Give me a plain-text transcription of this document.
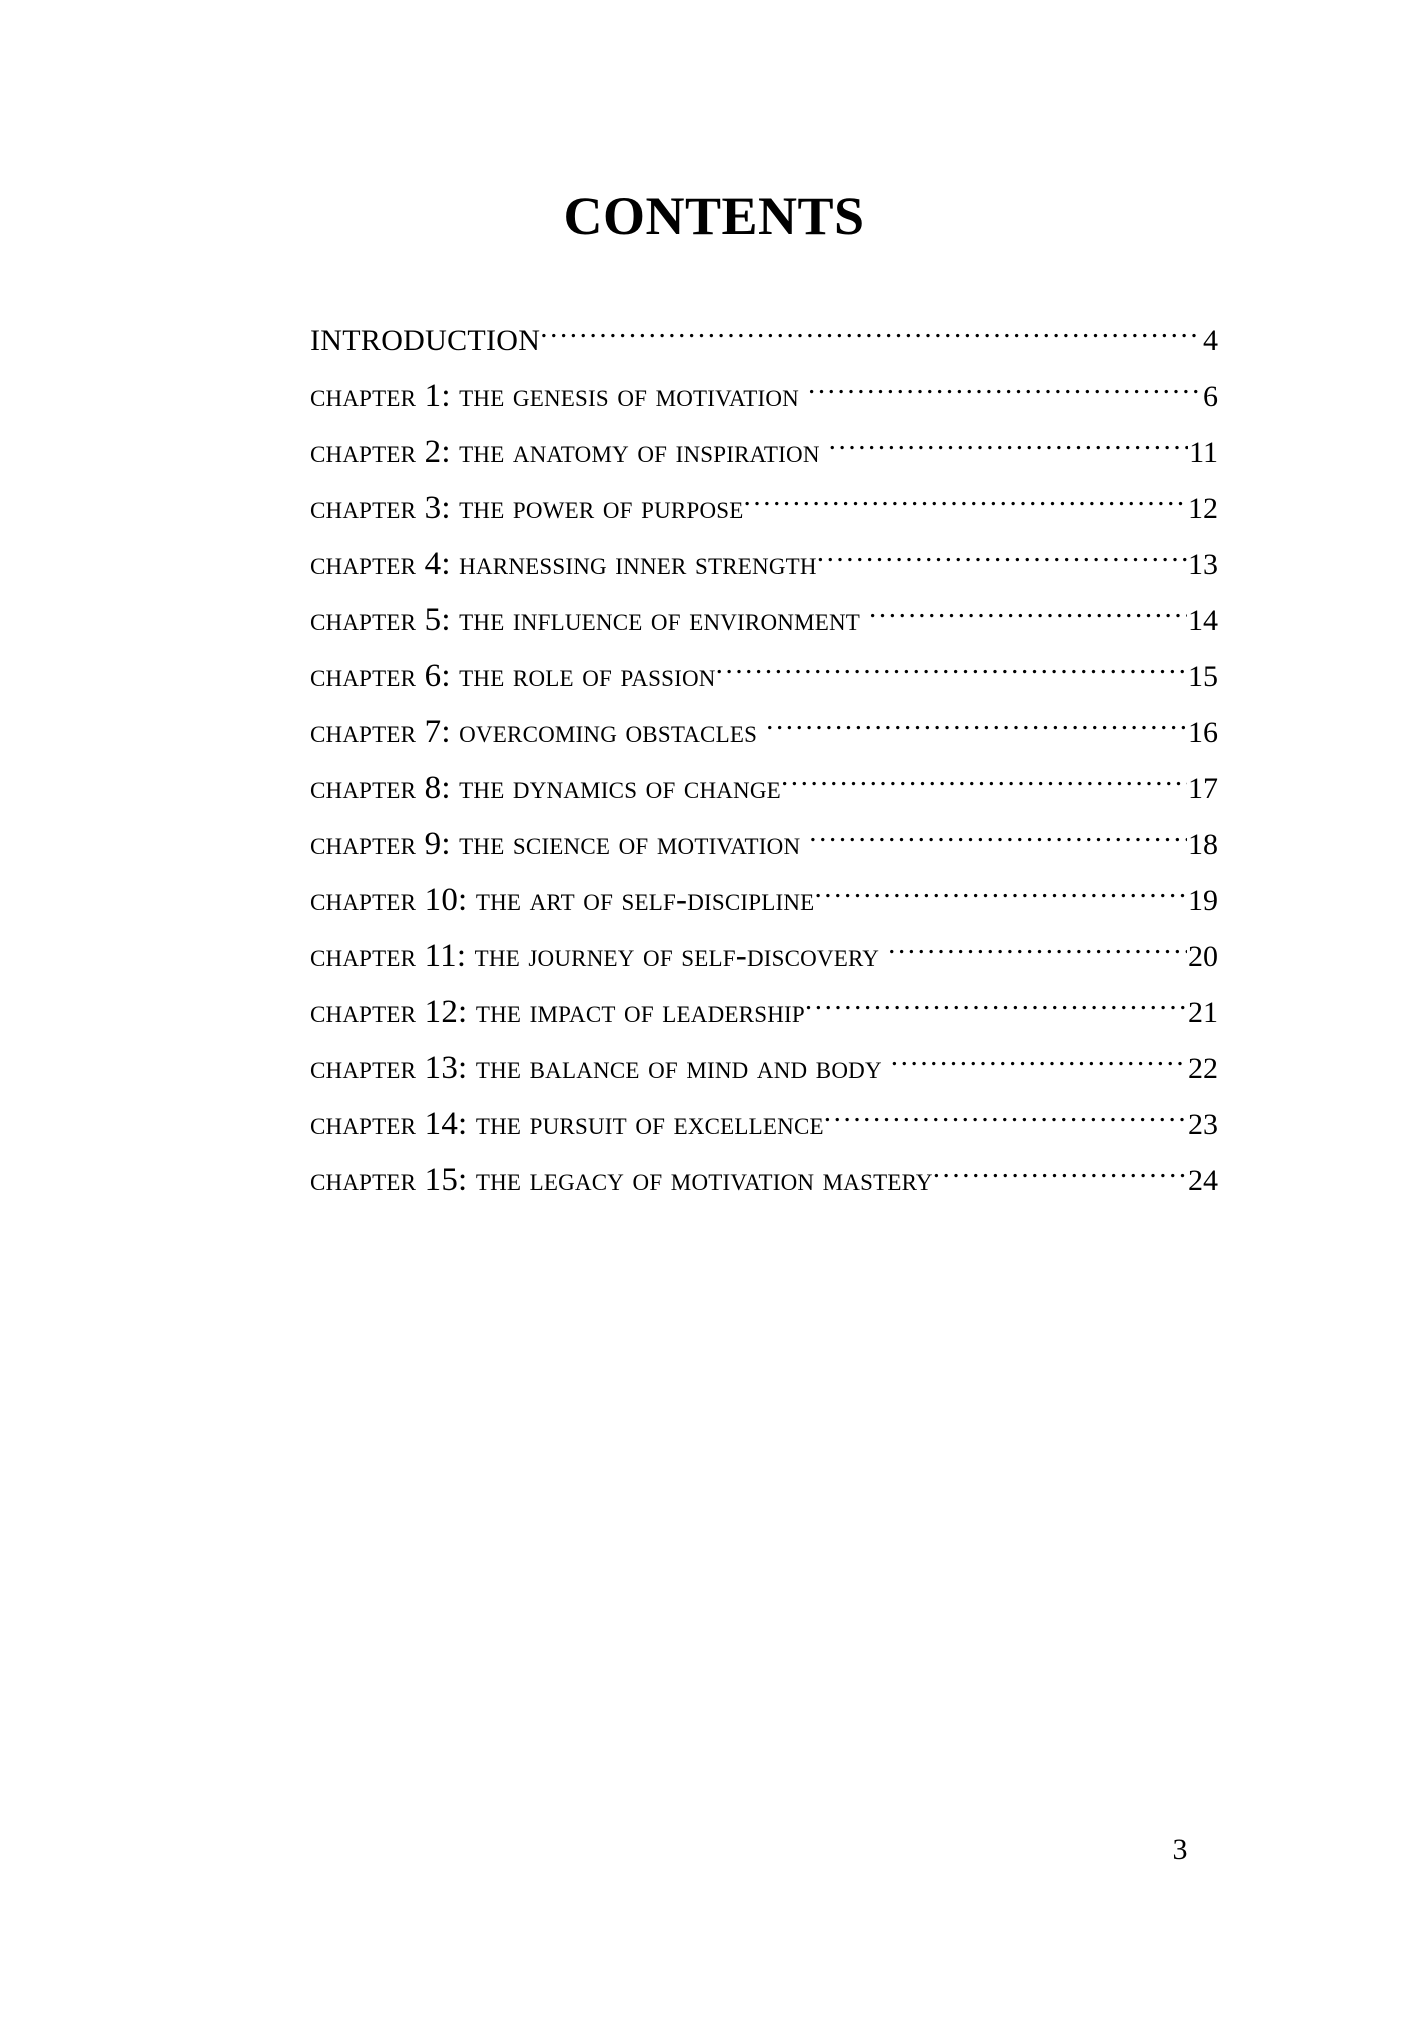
CONTENTS
INTRODUCTION .....	4
chapter 1: the genesis of motivation .....	6
chapter 2: the anatomy of inspiration .....	11
chapter 3: the power of purpose .....	12
chapter 4: harnessing inner strength .....	13
chapter 5: the influence of environment .....	14
chapter 6: the role of passion .....	15
chapter 7: overcoming obstacles .....	16
chapter 8: the dynamics of change .....	17
chapter 9: the science of motivation .....	18
chapter 10: the art of self-discipline .....	19
chapter 11: the journey of self-discovery .....	20
chapter 12: the impact of leadership .....	21
chapter 13: the balance of mind and body .....	22
chapter 14: the pursuit of excellence .....	23
chapter 15: the legacy of motivation mastery .....	24
3
